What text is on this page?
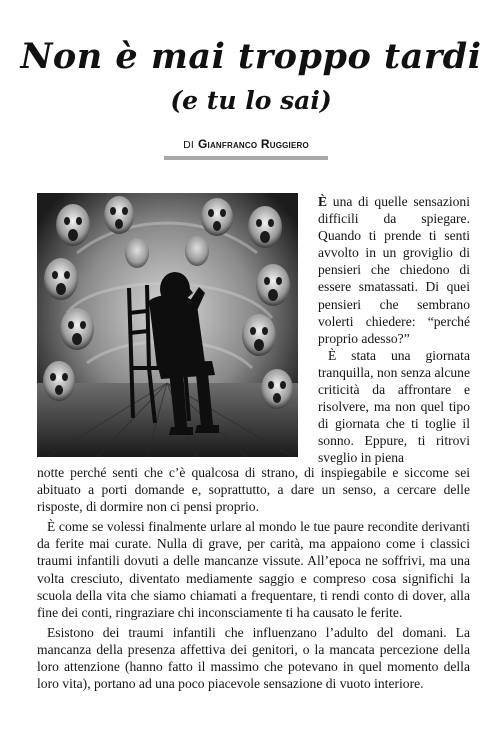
Non è mai troppo tardi
(e tu lo sai)
DI Gianfranco Ruggiero

È una di quelle sensazioni difficili da spiegare. Quando ti prende ti senti avvolto in un groviglio di pensieri che chiedono di essere smatassati. Di quei pensieri che sembrano volerti chiedere: “perché proprio adesso?”

È stata una giornata tranquilla, non senza alcune criticità da affrontare e risolvere, ma non quel tipo di giornata che ti toglie il sonno. Eppure, ti ritrovi sveglio in piena

notte perché senti che c’è qualcosa di strano, di inspiegabile e siccome sei abituato a porti domande e, soprattutto, a dare un senso, a cercare delle risposte, di dormire non ci pensi proprio.

È come se volessi finalmente urlare al mondo le tue paure recondite derivanti da ferite mai curate. Nulla di grave, per carità, ma appaiono come i classici traumi infantili dovuti a delle mancanze vissute. All’epoca ne soffrivi, ma una volta cresciuto, diventato mediamente saggio e compreso cosa significhi la scuola della vita che siamo chiamati a frequentare, ti rendi conto di dover, alla fine dei conti, ringraziare chi inconsciamente ti ha causato le ferite.

Esistono dei traumi infantili che influenzano l’adulto del domani. La mancanza della presenza affettiva dei genitori, o la mancata percezione della loro attenzione (hanno fatto il massimo che potevano in quel momento della loro vita), portano ad una poco piacevole sensazione di vuoto interiore.
